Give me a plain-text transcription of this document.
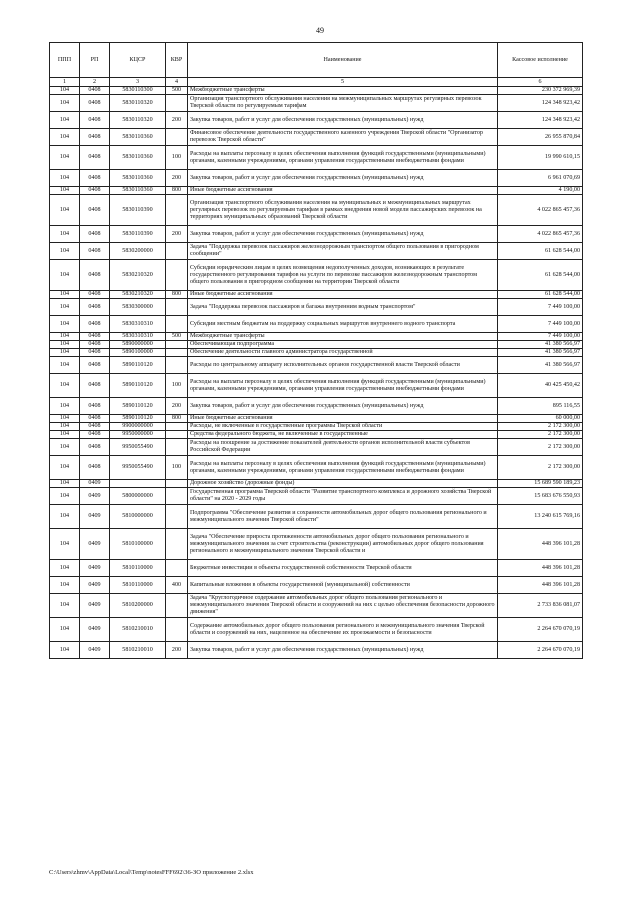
49
ППП	РП	КЦСР	КВР	Наименование	Кассовое исполнение
1	2	3	4	5	6
104	0408	5830110300	500	Межбюджетные трансферты	230 372 969,39
104	0408	5830110320		Организация транспортного обслуживания населения на межмуниципальных маршрутах регулярных перевозок Тверской области по регулируемым тарифам	124 348 923,42
104	0408	5830110320	200	Закупка товаров, работ и услуг для обеспечения государственных (муниципальных) нужд	124 348 923,42
104	0408	5830110360		Финансовое обеспечение деятельности государственного казенного учреждения Тверской области "Организатор перевозок Тверской области"	26 955 870,84
104	0408	5830110360	100	Расходы на выплаты персоналу в целях обеспечения выполнения функций государственными (муниципальными) органами, казенными учреждениями, органами управления государственными внебюджетными фондами	19 990 610,15
104	0408	5830110360	200	Закупка товаров, работ и услуг для обеспечения государственных (муниципальных) нужд	6 961 070,69
104	0408	5830110360	800	Иные бюджетные ассигнования	4 190,00
104	0408	5830110390		Организация транспортного обслуживания населения на муниципальных и межмуниципальных маршрутах регулярных перевозок по регулируемым тарифам в рамках внедрения новой модели пассажирских перевозок на территориях муниципальных образований Тверской области	4 022 865 457,36
104	0408	5830110390	200	Закупка товаров, работ и услуг для обеспечения государственных (муниципальных) нужд	4 022 865 457,36
104	0408	5830200000		Задача "Поддержка перевозок пассажиров железнодорожным транспортом общего пользования в пригородном сообщении"	61 628 544,00
104	0408	5830210320		Субсидии юридическим лицам в целях возмещения недополученных доходов, возникающих в результате государственного регулирования тарифов на услуги по перевозке пассажиров железнодорожным транспортом общего пользования в пригородном сообщении на территории Тверской области	61 628 544,00
104	0408	5830210320	800	Иные бюджетные ассигнования	61 628 544,00
104	0408	5830300000		Задача "Поддержка перевозок пассажиров и багажа внутренним водным транспортом"	7 449 100,00
104	0408	5830310310		Субсидии местным бюджетам на поддержку социальных маршрутов внутреннего водного транспорта	7 449 100,00
104	0408	5830310310	500	Межбюджетные трансферты	7 449 100,00
104	0408	5890000000		Обеспечивающая подпрограмма	41 380 566,97
104	0408	5890100000		Обеспечение деятельности главного администратора государственной	41 380 566,97
104	0408	5890110120		Расходы по центральному аппарату исполнительных органов государственной власти Тверской области	41 380 566,97
104	0408	5890110120	100	Расходы на выплаты персоналу в целях обеспечения выполнения функций государственными (муниципальными) органами, казенными учреждениями, органами управления государственными внебюджетными фондами	40 425 450,42
104	0408	5890110120	200	Закупка товаров, работ и услуг для обеспечения государственных (муниципальных) нужд	895 116,55
104	0408	5890110120	800	Иные бюджетные ассигнования	60 000,00
104	0408	9900000000		Расходы, не включенные в государственные программы Тверской области	2 172 300,00
104	0408	9950000000		Средства федерального бюджета, не включенные в государственные	2 172 300,00
104	0408	9950055490		Расходы на поощрение за достижение показателей деятельности органов исполнительной власти субъектов Российской Федерации	2 172 300,00
104	0408	9950055490	100	Расходы на выплаты персоналу в целях обеспечения выполнения функций государственными (муниципальными) органами, казенными учреждениями, органами управления государственными внебюджетными фондами	2 172 300,00
104	0409			Дорожное хозяйство (дорожные фонды)	15 689 590 189,23
104	0409	5800000000		Государственная программа Тверской области "Развитие транспортного комплекса и дорожного хозяйства Тверской области" на 2020 - 2029 годы	15 683 676 550,93
104	0409	5810000000		Подпрограмма "Обеспечение развития и сохранности автомобильных дорог общего пользования регионального и межмуниципального значения Тверской области"	13 240 615 769,16
104	0409	5810100000		Задача "Обеспечение прироста протяженности автомобильных дорог общего пользования регионального и межмуниципального значения за счет строительства (реконструкции) автомобильных дорог общего пользования регионального и межмуниципального значения Тверской области и	448 396 101,28
104	0409	5810110000		Бюджетные инвестиции в объекты государственной собственности Тверской области	448 396 101,28
104	0409	5810110000	400	Капитальные вложения в объекты государственной (муниципальной) собственности	448 396 101,28
104	0409	5810200000		Задача "Круглогодичное содержание автомобильных дорог общего пользования регионального и межмуниципального значения Тверской области и сооружений на них с целью обеспечения безопасности дорожного движения"	2 733 836 081,07
104	0409	5810210010		Содержание автомобильных дорог общего пользования регионального и межмуниципального значения Тверской области и сооружений на них, нацеленное на обеспечение их проезжаемости и безопасности	2 264 670 070,19
104	0409	5810210010	200	Закупка товаров, работ и услуг для обеспечения государственных (муниципальных) нужд	2 264 670 070,19
C:\Users\zhmv\AppData\Local\Temp\notesFFF692\36-ЗО приложение 2.xlsx
